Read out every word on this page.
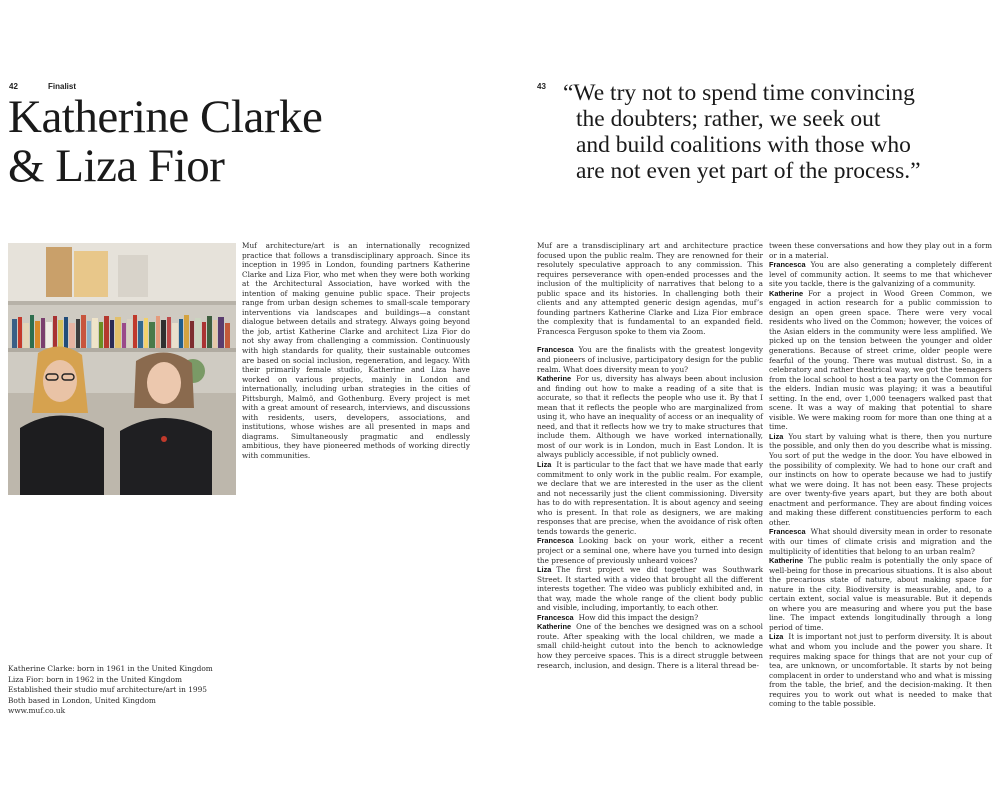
42	Finalist
Katherine Clarke
& Liza Fior

Muf architecture/art is an internationally recognized practice that follows a transdisciplinary approach. Since its inception in 1995 in London, founding partners Katherine Clarke and Liza Fior, who met when they were both working at the Architectural Association, have worked with the intention of making genuine public space. Their projects range from urban design schemes to small-scale temporary interventions via landscapes and buildings—a constant dialogue between details and strategy. Always going beyond the job, artist Katherine Clarke and architect Liza Fior do not shy away from challenging a commission. Continuously with high standards for quality, their sustainable outcomes are based on social inclusion, regeneration, and legacy. With their primarily female studio, Katherine and Liza have worked on various projects, mainly in London and internationally, including urban strategies in the cities of Pittsburgh, Malmö, and Gothenburg. Every project is met with a great amount of research, interviews, and discussions with residents, users, developers, associations, and institutions, whose wishes are all presented in maps and diagrams. Simultaneously pragmatic and endlessly ambitious, they have pioneered methods of working directly with communities.

Katherine Clarke: born in 1961 in the United Kingdom
Liza Fior: born in 1962 in the United Kingdom
Established their studio muf architecture/art in 1995
Both based in London, United Kingdom
www.muf.co.uk
43 “We try not to spend time convincing
the doubters; rather, we seek out
and build coalitions with those who
are not even yet part of the process.”

Muf are a transdisciplinary art and architecture practice focused upon the public realm. They are renowned for their resolutely speculative approach to any commission. This requires perseverance with open-ended processes and the inclusion of the multiplicity of narratives that belong to a public space and its histories. In challenging both their clients and any attempted generic design agendas, muf’s founding partners Katherine Clarke and Liza Fior embrace the complexity that is fundamental to an expanded field. Francesca Ferguson spoke to them via Zoom.

Francesca You are the finalists with the greatest longevity and pioneers of inclusive, participatory design for the public realm. What does diversity mean to you?

Katherine For us, diversity has always been about inclusion and finding out how to make a reading of a site that is accurate, so that it reflects the people who use it. By that I mean that it reflects the people who are marginalized from using it, who have an inequality of access or an inequality of need, and that it reflects how we try to make structures that include them. Although we have worked internationally, most of our work is in London, much in East London. It is always publicly accessible, if not publicly owned.

Liza It is particular to the fact that we have made that early commitment to only work in the public realm. For example, we declare that we are interested in the user as the client and not necessarily just the client commissioning. Diversity has to do with representation. It is about agency and seeing who is present. In that role as designers, we are making responses that are precise, when the avoidance of risk often tends towards the generic.

Francesca Looking back on your work, either a recent project or a seminal one, where have you turned into design the presence of previously unheard voices?

Liza The first project we did together was Southwark Street. It started with a video that brought all the different interests together. The video was publicly exhibited and, in that way, made the whole range of the client body public and visible, including, importantly, to each other.

Francesca How did this impact the design?

Katherine One of the benches we designed was on a school route. After speaking with the local children, we made a small child-height cutout into the bench to acknowledge how they perceive spaces. This is a direct struggle between research, inclusion, and design. There is a literal thread be-

tween these conversations and how they play out in a form or in a material.

Francesca You are also generating a completely different level of community action. It seems to me that whichever site you tackle, there is the galvanizing of a community.

Katherine For a project in Wood Green Common, we engaged in action research for a public commission to design an open green space. There were very vocal residents who lived on the Common; however, the voices of the Asian elders in the community were less amplified. We picked up on the tension between the younger and older generations. Because of street crime, older people were fearful of the young. There was mutual distrust. So, in a celebratory and rather theatrical way, we got the teenagers from the local school to host a tea party on the Common for the elders. Indian music was playing; it was a beautiful setting. In the end, over 1,000 teenagers walked past that scene. It was a way of making that potential to share visible. We were making room for more than one thing at a time.

Liza You start by valuing what is there, then you nurture the possible, and only then do you describe what is missing. You sort of put the wedge in the door. You have elbowed in the possibility of complexity. We had to hone our craft and our instincts on how to operate because we had to justify what we were doing. It has not been easy. These projects are over twenty-five years apart, but they are both about enactment and performance. They are about finding voices and making these different constituencies perform to each other.

Francesca What should diversity mean in order to resonate with our times of climate crisis and migration and the multiplicity of identities that belong to an urban realm?

Katherine The public realm is potentially the only space of well-being for those in precarious situations. It is also about the precarious state of nature, about making space for nature in the city. Biodiversity is measurable, and, to a certain extent, social value is measurable. But it depends on where you are measuring and where you put the base line. The impact extends longitudinally through a long period of time.

Liza It is important not just to perform diversity. It is about what and whom you include and the power you share. It requires making space for things that are not your cup of tea, are unknown, or uncomfortable. It starts by not being complacent in order to understand who and what is missing from the table, the brief, and the decision-making. It then requires you to work out what is needed to make that coming to the table possible.
